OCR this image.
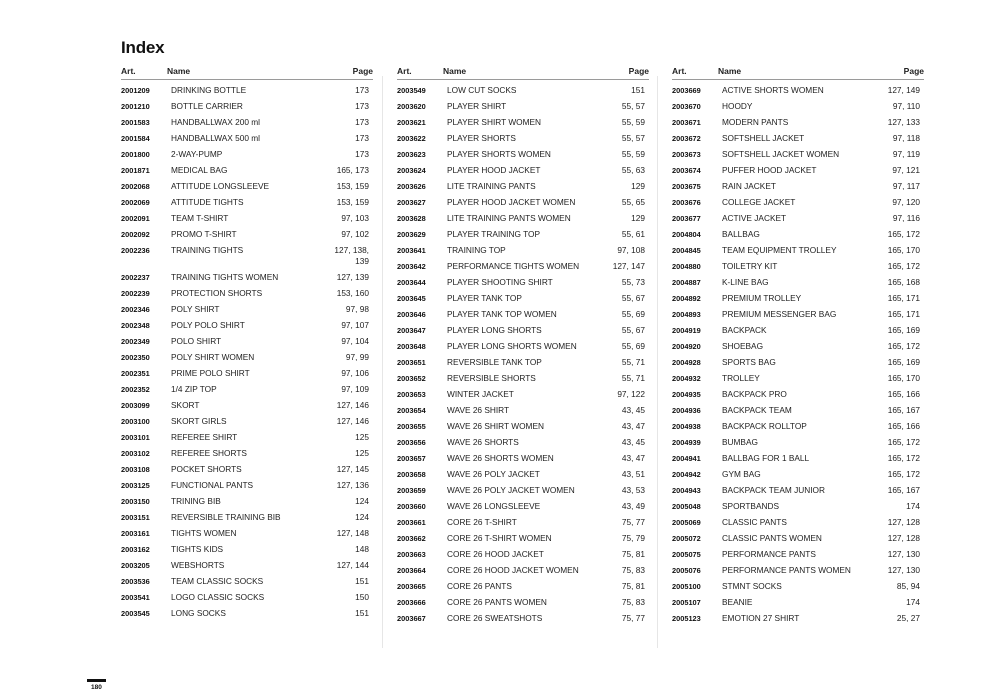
Index
Art.	Name	Page
2001209	DRINKING BOTTLE	173
2001210	BOTTLE CARRIER	173
2001583	HANDBALLWAX 200 ml	173
2001584	HANDBALLWAX 500 ml	173
2001800	2-WAY-PUMP	173
2001871	MEDICAL BAG	165, 173
2002068	ATTITUDE LONGSLEEVE	153, 159
2002069	ATTITUDE TIGHTS	153, 159
2002091	TEAM T-SHIRT	97, 103
2002092	PROMO T-SHIRT	97, 102
2002236	TRAINING TIGHTS	127, 138,
139
2002237	TRAINING TIGHTS WOMEN	127, 139
2002239	PROTECTION SHORTS	153, 160
2002346	POLY SHIRT	97, 98
2002348	POLY POLO SHIRT	97, 107
2002349	POLO SHIRT	97, 104
2002350	POLY SHIRT WOMEN	97, 99
2002351	PRIME POLO SHIRT	97, 106
2002352	1/4 ZIP TOP	97, 109
2003099	SKORT	127, 146
2003100	SKORT GIRLS	127, 146
2003101	REFEREE SHIRT	125
2003102	REFEREE SHORTS	125
2003108	POCKET SHORTS	127, 145
2003125	FUNCTIONAL PANTS	127, 136
2003150	TRINING BIB	124
2003151	REVERSIBLE TRAINING BIB	124
2003161	TIGHTS WOMEN	127, 148
2003162	TIGHTS KIDS	148
2003205	WEBSHORTS	127, 144
2003536	TEAM CLASSIC SOCKS	151
2003541	LOGO CLASSIC SOCKS	150
2003545	LONG SOCKS	151
Art.	Name	Page
2003549	LOW CUT SOCKS	151
2003620	PLAYER SHIRT	55, 57
2003621	PLAYER SHIRT WOMEN	55, 59
2003622	PLAYER SHORTS	55, 57
2003623	PLAYER SHORTS WOMEN	55, 59
2003624	PLAYER HOOD JACKET	55, 63
2003626	LITE TRAINING PANTS	129
2003627	PLAYER HOOD JACKET WOMEN	55, 65
2003628	LITE TRAINING PANTS WOMEN	129
2003629	PLAYER TRAINING TOP	55, 61
2003641	TRAINING TOP	97, 108
2003642	PERFORMANCE TIGHTS WOMEN	127, 147
2003644	PLAYER SHOOTING SHIRT	55, 73
2003645	PLAYER TANK TOP	55, 67
2003646	PLAYER TANK TOP WOMEN	55, 69
2003647	PLAYER LONG SHORTS	55, 67
2003648	PLAYER LONG SHORTS WOMEN	55, 69
2003651	REVERSIBLE TANK TOP	55, 71
2003652	REVERSIBLE SHORTS	55, 71
2003653	WINTER JACKET	97, 122
2003654	WAVE 26 SHIRT	43, 45
2003655	WAVE 26 SHIRT WOMEN	43, 47
2003656	WAVE 26 SHORTS	43, 45
2003657	WAVE 26 SHORTS WOMEN	43, 47
2003658	WAVE 26 POLY JACKET	43, 51
2003659	WAVE 26 POLY JACKET WOMEN	43, 53
2003660	WAVE 26 LONGSLEEVE	43, 49
2003661	CORE 26 T-SHIRT	75, 77
2003662	CORE 26 T-SHIRT WOMEN	75, 79
2003663	CORE 26 HOOD JACKET	75, 81
2003664	CORE 26 HOOD JACKET WOMEN	75, 83
2003665	CORE 26 PANTS	75, 81
2003666	CORE 26 PANTS WOMEN	75, 83
2003667	CORE 26 SWEATSHOTS	75, 77
Art.	Name	Page
2003669	ACTIVE SHORTS WOMEN	127, 149
2003670	HOODY	97, 110
2003671	MODERN PANTS	127, 133
2003672	SOFTSHELL JACKET	97, 118
2003673	SOFTSHELL JACKET WOMEN	97, 119
2003674	PUFFER HOOD JACKET	97, 121
2003675	RAIN JACKET	97, 117
2003676	COLLEGE JACKET	97, 120
2003677	ACTIVE JACKET	97, 116
2004804	BALLBAG	165, 172
2004845	TEAM EQUIPMENT TROLLEY	165, 170
2004880	TOILETRY KIT	165, 172
2004887	K-LINE BAG	165, 168
2004892	PREMIUM TROLLEY	165, 171
2004893	PREMIUM MESSENGER BAG	165, 171
2004919	BACKPACK	165, 169
2004920	SHOEBAG	165, 172
2004928	SPORTS BAG	165, 169
2004932	TROLLEY	165, 170
2004935	BACKPACK PRO	165, 166
2004936	BACKPACK TEAM	165, 167
2004938	BACKPACK ROLLTOP	165, 166
2004939	BUMBAG	165, 172
2004941	BALLBAG FOR 1 BALL	165, 172
2004942	GYM BAG	165, 172
2004943	BACKPACK TEAM JUNIOR	165, 167
2005048	SPORTBANDS	174
2005069	CLASSIC PANTS	127, 128
2005072	CLASSIC PANTS WOMEN	127, 128
2005075	PERFORMANCE PANTS	127, 130
2005076	PERFORMANCE PANTS WOMEN	127, 130
2005100	STMNT SOCKS	85, 94
2005107	BEANIE	174
2005123	EMOTION 27 SHIRT	25, 27
180
